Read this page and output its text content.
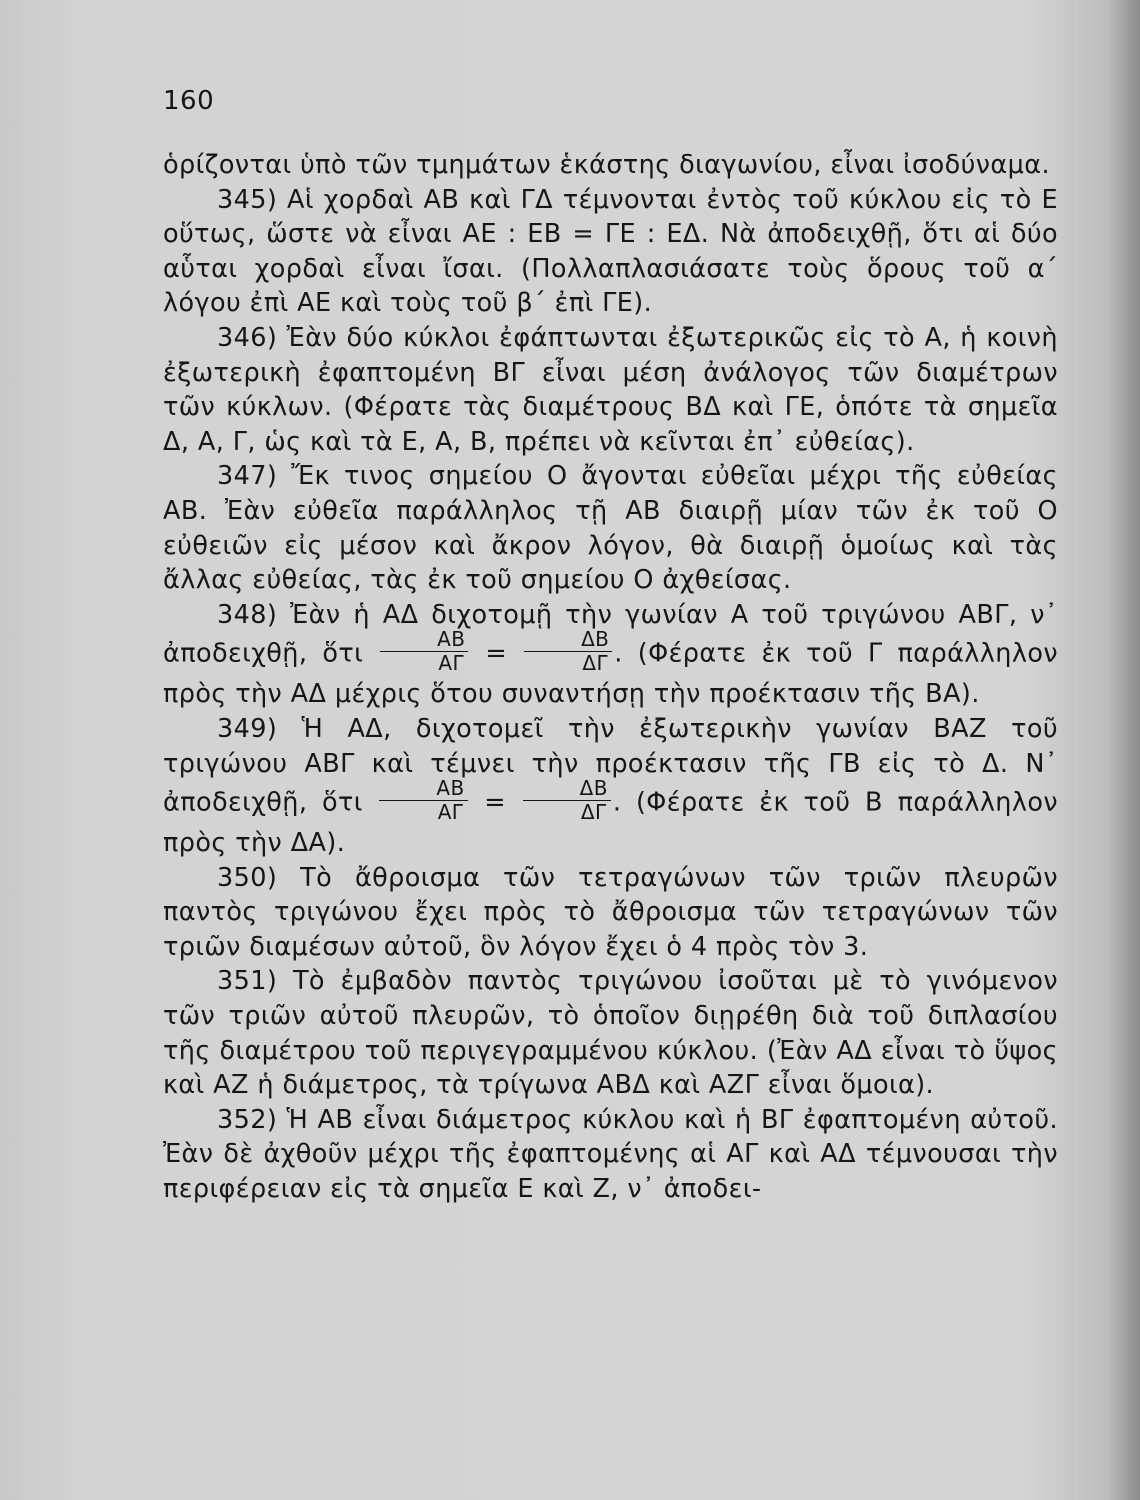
160

ὁρίζονται ὑπὸ τῶν τμημάτων ἑκάστης διαγωνίου, εἶναι ἰσοδύναμα.

345) Αἱ χορδαὶ ΑΒ καὶ ΓΔ τέμνονται ἐντὸς τοῦ κύκλου εἰς τὸ Ε οὕτως, ὥστε νὰ εἶναι ΑΕ : ΕΒ = ΓΕ : ΕΔ. Νὰ ἀποδειχθῇ, ὅτι αἱ δύο αὗται χορδαὶ εἶναι ἴσαι. (Πολλαπλασιάσατε τοὺς ὅρους τοῦ α΄ λόγου ἐπὶ ΑΕ καὶ τοὺς τοῦ β΄ ἐπὶ ΓΕ).

346) Ἐὰν δύο κύκλοι ἐφάπτωνται ἐξωτερικῶς εἰς τὸ Α, ἡ κοινὴ ἐξωτερικὴ ἐφαπτομένη ΒΓ εἶναι μέση ἀνάλογος τῶν διαμέτρων τῶν κύκλων. (Φέρατε τὰς διαμέτρους ΒΔ καὶ ΓΕ, ὁπότε τὰ σημεῖα Δ, Α, Γ, ὡς καὶ τὰ Ε, Α, Β, πρέπει νὰ κεῖνται ἐπ᾽ εὐθείας).

347) Ἔκ τινος σημείου Ο ἄγονται εὐθεῖαι μέχρι τῆς εὐθείας ΑΒ. Ἐὰν εὐθεῖα παράλληλος τῇ ΑΒ διαιρῇ μίαν τῶν ἐκ τοῦ Ο εὐθειῶν εἰς μέσον καὶ ἄκρον λόγον, θὰ διαιρῇ ὁμοίως καὶ τὰς ἄλλας εὐθείας, τὰς ἐκ τοῦ σημείου Ο ἀχθείσας.

348) Ἐὰν ἡ ΑΔ διχοτομῇ τὴν γωνίαν Α τοῦ τριγώνου ΑΒΓ, ν᾽ ἀποδειχθῇ, ὅτι $\frac{AB}{A\Gamma} = \frac{\Delta B}{\Delta\Gamma}$ . (Φέρατε ἐκ τοῦ Γ παράλληλον πρὸς τὴν ΑΔ μέχρις ὅτου συναντήσῃ τὴν προέκτασιν τῆς ΒΑ).

349) Ἡ ΑΔ, διχοτομεῖ τὴν ἐξωτερικὴν γωνίαν ΒΑΖ τοῦ τριγώνου ΑΒΓ καὶ τέμνει τὴν προέκτασιν τῆς ΓΒ εἰς τὸ Δ. Ν᾽ ἀποδειχθῇ, ὅτι $\frac{AB}{A\Gamma} = \frac{\Delta B}{\Delta\Gamma}$ . (Φέρατε ἐκ τοῦ Β παράλληλον πρὸς τὴν ΔΑ).

350) Τὸ ἄθροισμα τῶν τετραγώνων τῶν τριῶν πλευρῶν παντὸς τριγώνου ἔχει πρὸς τὸ ἄθροισμα τῶν τετραγώνων τῶν τριῶν διαμέσων αὐτοῦ, ὃν λόγον ἔχει ὁ 4 πρὸς τὸν 3.

351) Τὸ ἐμβαδὸν παντὸς τριγώνου ἰσοῦται μὲ τὸ γινόμενον τῶν τριῶν αὐτοῦ πλευρῶν, τὸ ὁποῖον διῃρέθη διὰ τοῦ διπλασίου τῆς διαμέτρου τοῦ περιγεγραμμένου κύκλου. (Ἐὰν ΑΔ εἶναι τὸ ὕψος καὶ ΑΖ ἡ διάμετρος, τὰ τρίγωνα ΑΒΔ καὶ ΑΖΓ εἶναι ὅμοια).

352) Ἡ ΑΒ εἶναι διάμετρος κύκλου καὶ ἡ ΒΓ ἐφαπτομένη αὐτοῦ. Ἐὰν δὲ ἀχθοῦν μέχρι τῆς ἐφαπτομένης αἱ ΑΓ καὶ ΑΔ τέμνουσαι τὴν περιφέρειαν εἰς τὰ σημεῖα Ε καὶ Ζ, ν᾽ ἀποδει-
